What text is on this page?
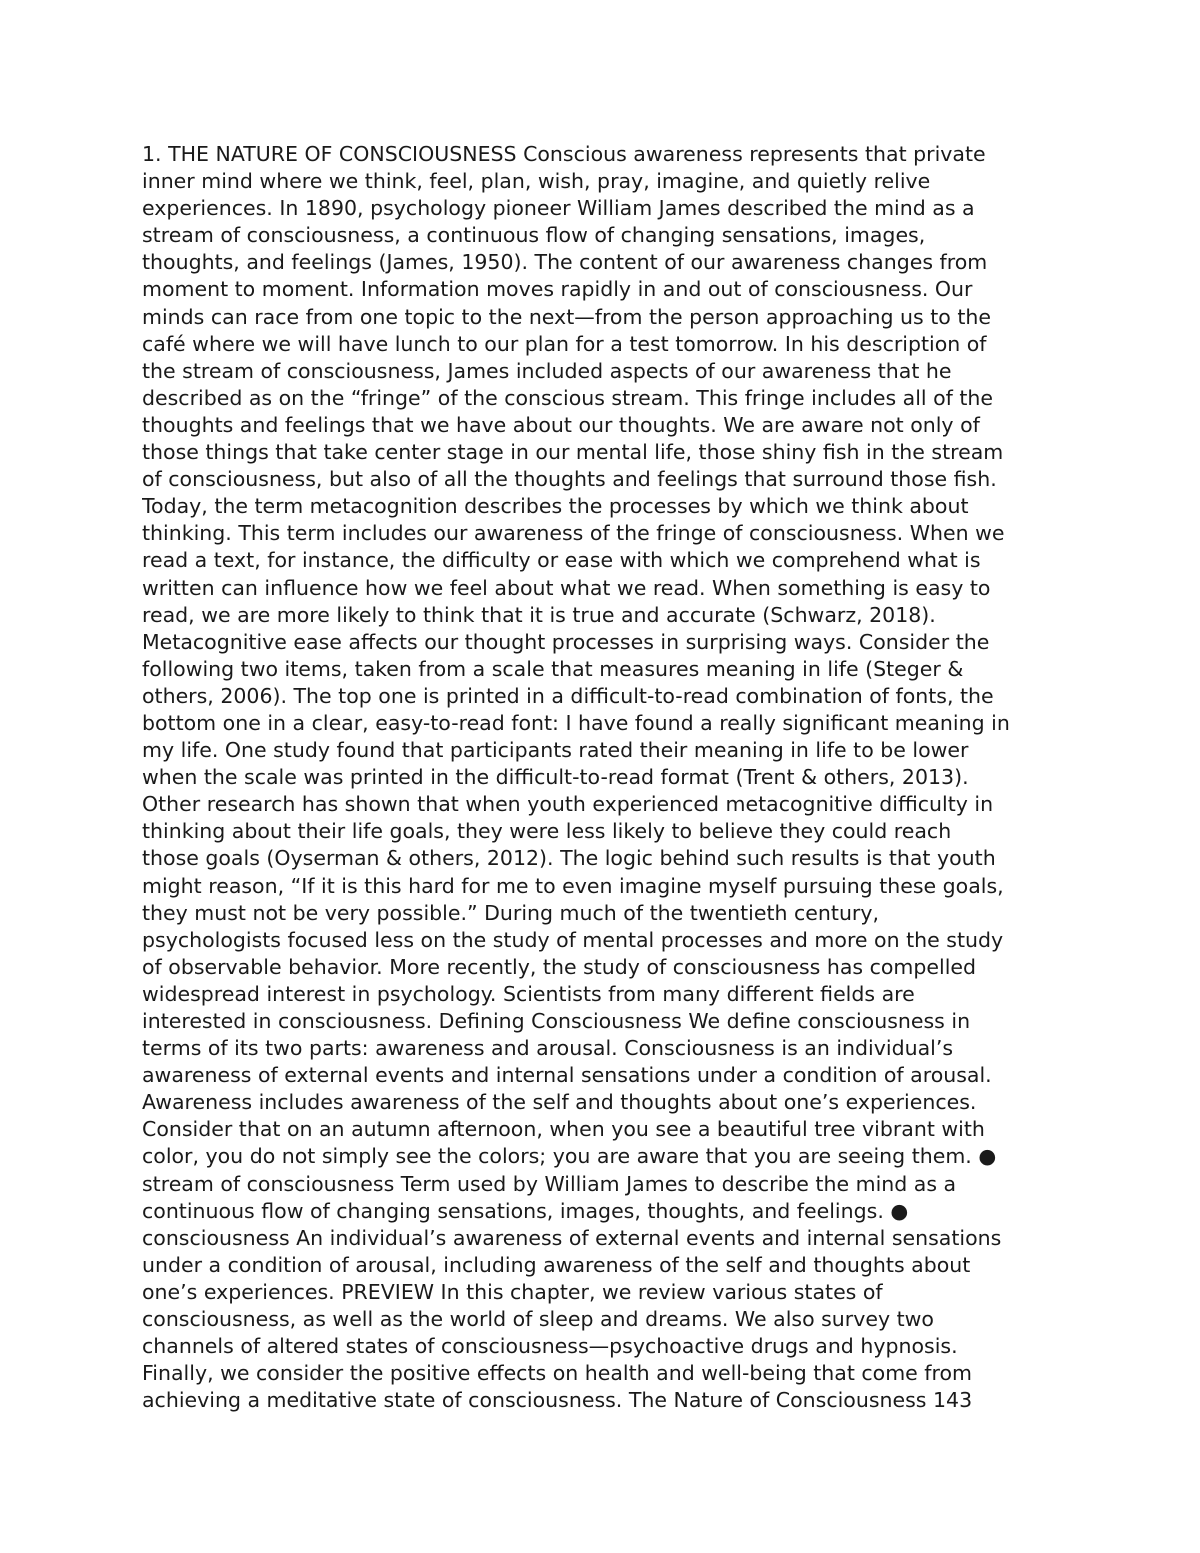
1. THE NATURE OF CONSCIOUSNESS Conscious awareness represents that private
inner mind where we think, feel, plan, wish, pray, imagine, and quietly relive
experiences. In 1890, psychology pioneer William James described the mind as a
stream of consciousness, a continuous flow of changing sensations, images,
thoughts, and feelings (James, 1950). The content of our awareness changes from
moment to moment. Information moves rapidly in and out of consciousness. Our
minds can race from one topic to the next—from the person approaching us to the
café where we will have lunch to our plan for a test tomorrow. In his description of
the stream of consciousness, James included aspects of our awareness that he
described as on the “fringe” of the conscious stream. This fringe includes all of the
thoughts and feelings that we have about our thoughts. We are aware not only of
those things that take center stage in our mental life, those shiny fish in the stream
of consciousness, but also of all the thoughts and feelings that surround those fish.
Today, the term metacognition describes the processes by which we think about
thinking. This term includes our awareness of the fringe of consciousness. When we
read a text, for instance, the difficulty or ease with which we comprehend what is
written can influence how we feel about what we read. When something is easy to
read, we are more likely to think that it is true and accurate (Schwarz, 2018).
Metacognitive ease affects our thought processes in surprising ways. Consider the
following two items, taken from a scale that measures meaning in life (Steger &
others, 2006). The top one is printed in a difficult-to-read combination of fonts, the
bottom one in a clear, easy-to-read font: I have found a really significant meaning in
my life. One study found that participants rated their meaning in life to be lower
when the scale was printed in the difficult-to-read format (Trent & others, 2013).
Other research has shown that when youth experienced metacognitive difficulty in
thinking about their life goals, they were less likely to believe they could reach
those goals (Oyserman & others, 2012). The logic behind such results is that youth
might reason, “If it is this hard for me to even imagine myself pursuing these goals,
they must not be very possible.” During much of the twentieth century,
psychologists focused less on the study of mental processes and more on the study
of observable behavior. More recently, the study of consciousness has compelled
widespread interest in psychology. Scientists from many different fields are
interested in consciousness. Defining Consciousness We define consciousness in
terms of its two parts: awareness and arousal. Consciousness is an individual’s
awareness of external events and internal sensations under a condition of arousal.
Awareness includes awareness of the self and thoughts about one’s experiences.
Consider that on an autumn afternoon, when you see a beautiful tree vibrant with
color, you do not simply see the colors; you are aware that you are seeing them. ●
stream of consciousness Term used by William James to describe the mind as a
continuous flow of changing sensations, images, thoughts, and feelings. ●
consciousness An individual’s awareness of external events and internal sensations
under a condition of arousal, including awareness of the self and thoughts about
one’s experiences. PREVIEW In this chapter, we review various states of
consciousness, as well as the world of sleep and dreams. We also survey two
channels of altered states of consciousness—psychoactive drugs and hypnosis.
Finally, we consider the positive effects on health and well-being that come from
achieving a meditative state of consciousness. The Nature of Consciousness 143
